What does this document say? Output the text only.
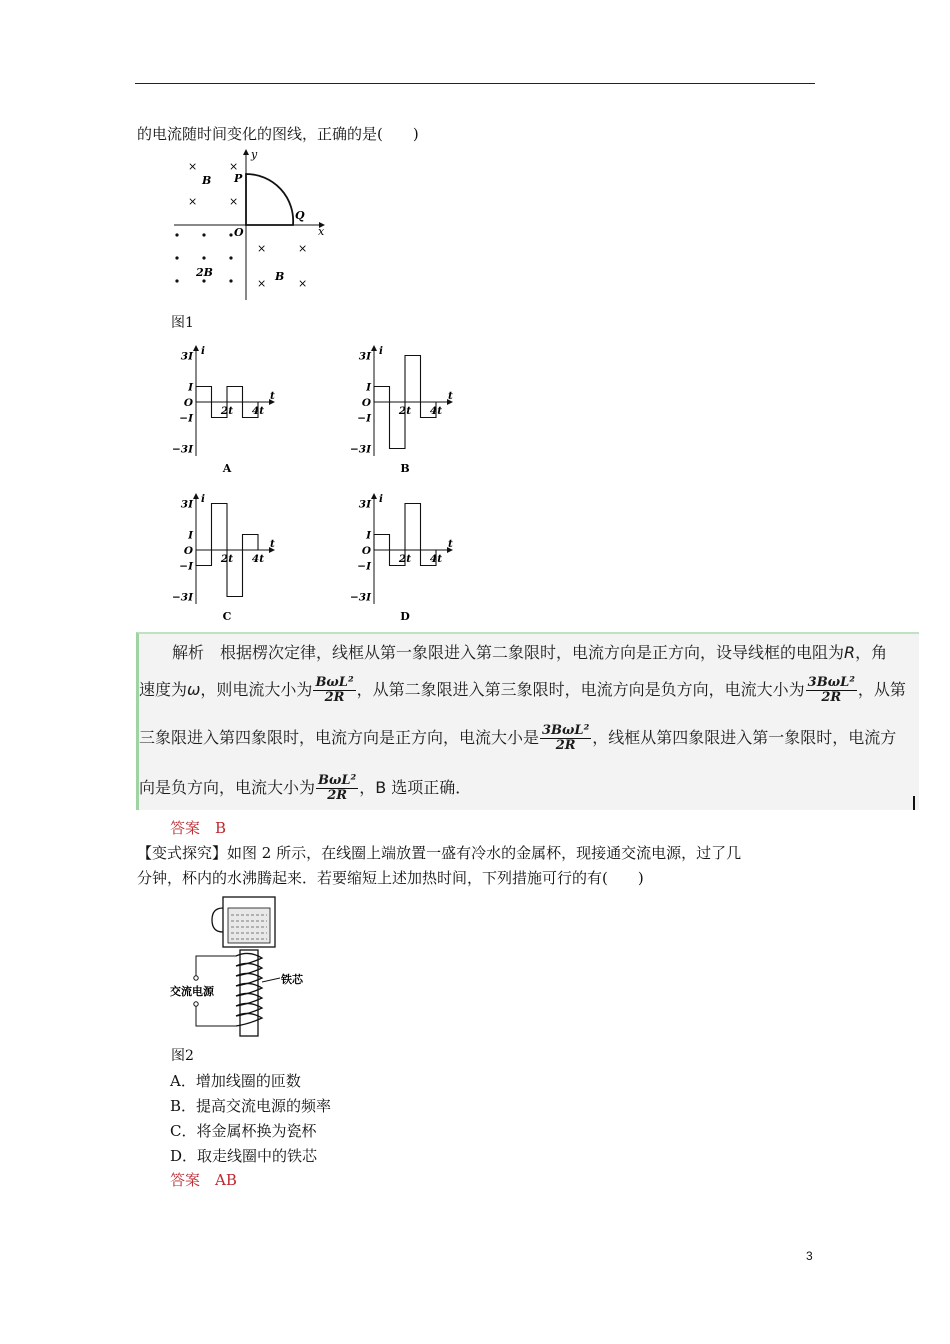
的电流随时间变化的图线，正确的是(　　)
y
x
O
P
Q
B
2B	B
×	×
×	×
×	×
×	×
图1
i
t
3I
I
O
−I
−3I
2t 4t
A
i
t
3I
I
O
−I
−3I
2t 4t
B
i
t
3I
I
O
−I
−3I
2t 4t
C
i
t
3I
I
O
−I
−3I
2t 4t
D
解析　根据楞次定律，线框从第一象限进入第二象限时，电流方向是正方向，设导线框的电阻为R，角
速度为ω，则电流大小为 $\frac{\text{BωL²}}{2R}$ ，从第二象限进入第三象限时，电流方向是负方向，电流大小为 $\frac{\text{3BωL²}}{2R}$ ，从第
三象限进入第四象限时，电流方向是正方向，电流大小是 $\frac{\text{3BωL²}}{2R}$ ，线框从第四象限进入第一象限时，电流方
向是负方向，电流大小为 $\frac{\text{BωL²}}{2R}$ ，B 选项正确．
答案　B
【变式探究】如图 2 所示，在线圈上端放置一盛有冷水的金属杯，现接通交流电源，过了几
分钟，杯内的水沸腾起来．若要缩短上述加热时间，下列措施可行的有(　　)
交流电源
铁芯
图2
A．增加线圈的匝数
B．提高交流电源的频率
C．将金属杯换为瓷杯
D．取走线圈中的铁芯
答案　AB
3
